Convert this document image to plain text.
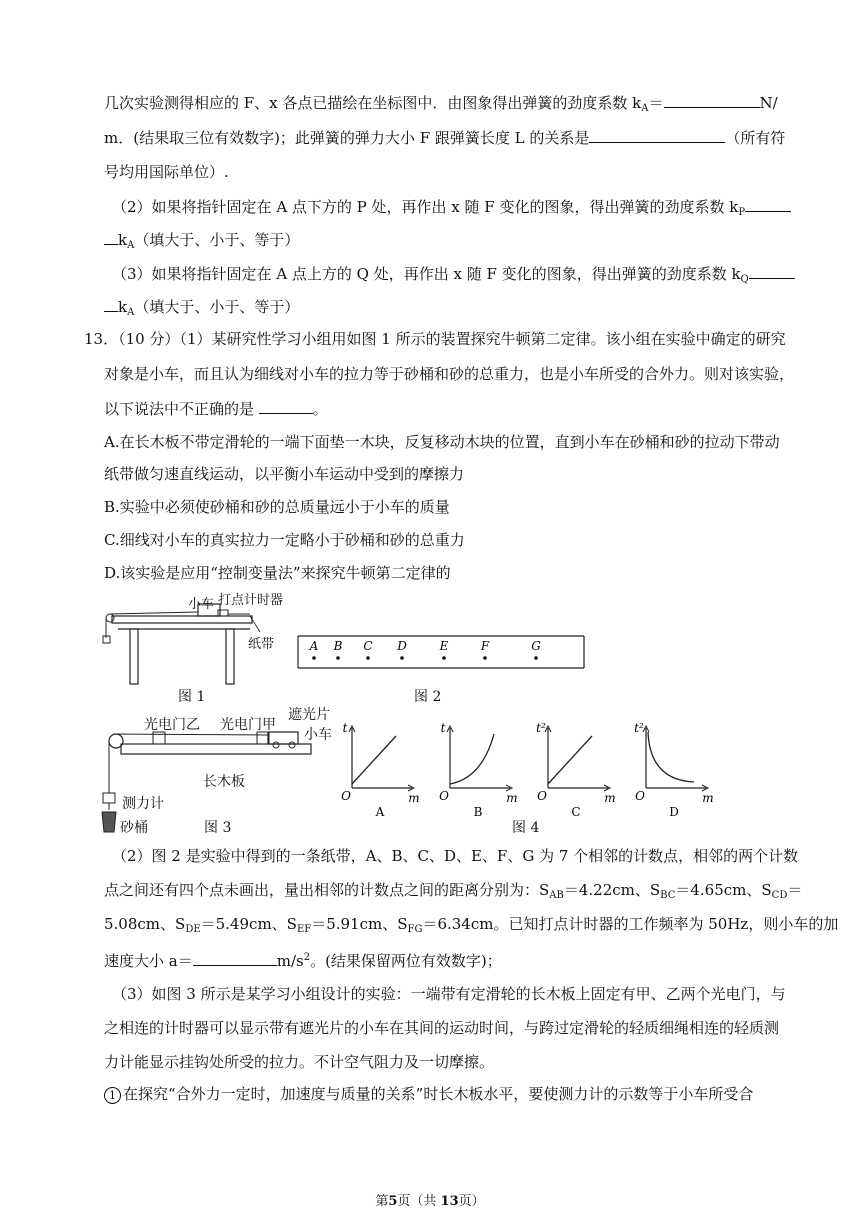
几次实验测得相应的 F、x 各点已描绘在坐标图中．由图象得出弹簧的劲度系数 $k_A=$	N/
m．(结果取三位有效数字)；此弹簧的弹力大小 F 跟弹簧长度 L 的关系是	（所有符
号均用国际单位）.
（2）如果将指针固定在 A 点下方的 P 处，再作出 x 随 F 变化的图象，得出弹簧的劲度系数 $k_P$
$k_A$（填大于、小于、等于）
（3）如果将指针固定在 A 点上方的 Q 处，再作出 x 随 F 变化的图象，得出弹簧的劲度系数 $k_Q$
$k_A$（填大于、小于、等于）
13．（10 分）（1）某研究性学习小组用如图 1 所示的装置探究牛顿第二定律。该小组在实验中确定的研究
对象是小车，而且认为细线对小车的拉力等于砂桶和砂的总重力，也是小车所受的合外力。则对该实验，
以下说法中不正确的是	。
A.在长木板不带定滑轮的一端下面垫一木块，反复移动木块的位置，直到小车在砂桶和砂的拉动下带动
纸带做匀速直线运动，以平衡小车运动中受到的摩擦力
B.实验中必须使砂桶和砂的总质量远小于小车的质量
C.细线对小车的真实拉力一定略小于砂桶和砂的总重力
D.该实验是应用“控制变量法”来探究牛顿第二定律的
小车 打点计时器
纸带
图 1
A B C D	E	F	G
图 2
光电门乙 光电门甲
遮光片
小车
长木板
测力计
砂桶	图 3
t
m
O
A
t
m
O
B
t²
m
O
C
t²
m
O
D
图 4
（2）图 2 是实验中得到的一条纸带，A、B、C、D、E、F、G 为 7 个相邻的计数点，相邻的两个计数
点之间还有四个点未画出，量出相邻的计数点之间的距离分别为：$S_{AB}=4.22cm$、$S_{BC}=4.65cm$、$S_{CD}=$
5.08cm、$S_{DE}=5.49cm$、$S_{EF}=5.91cm$、$S_{FG}=6.34cm$。已知打点计时器的工作频率为 50Hz，则小车的加
速度大小 a＝	$m/s^2$。(结果保留两位有效数字)；
（3）如图 3 所示是某学习小组设计的实验：一端带有定滑轮的长木板上固定有甲、乙两个光电门，与
之相连的计时器可以显示带有遮光片的小车在其间的运动时间，与跨过定滑轮的轻质细绳相连的轻质测
力计能显示挂钩处所受的拉力。不计空气阻力及一切摩擦。
1 在探究“合外力一定时，加速度与质量的关系”时长木板水平，要使测力计的示数等于小车所受合
第5页（共 13页）
